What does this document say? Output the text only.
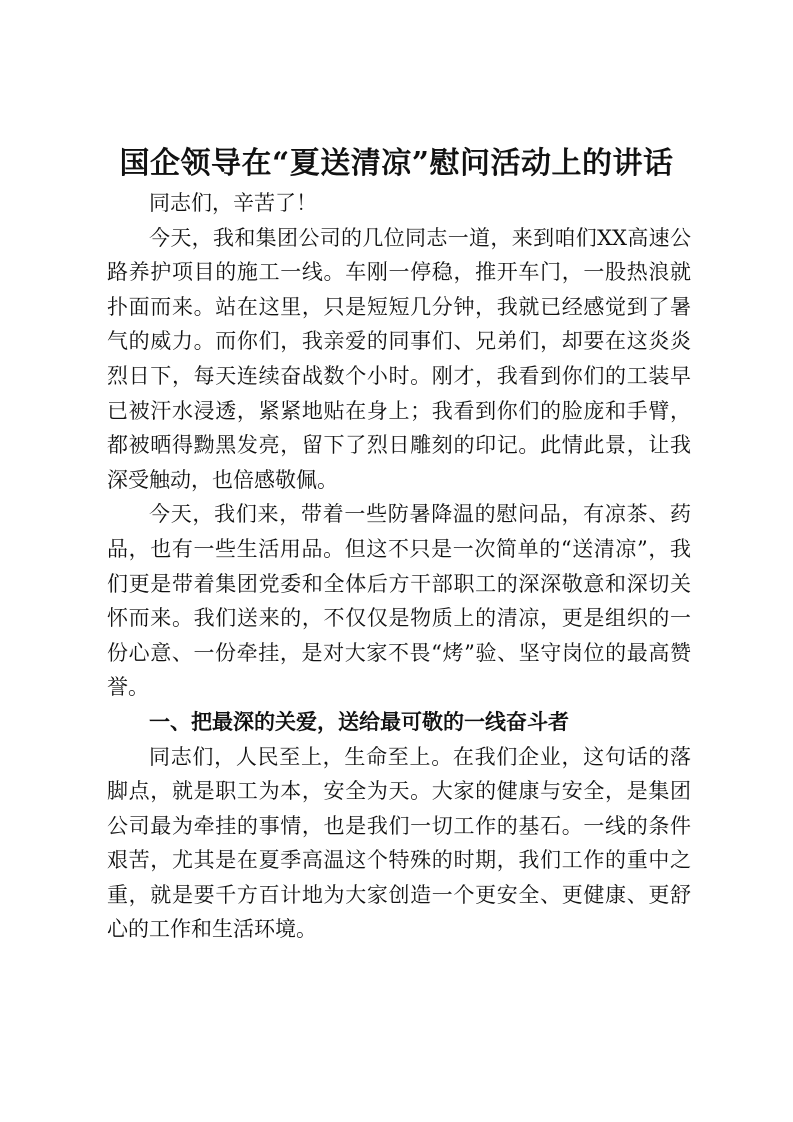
国企领导在“夏送清凉”慰问活动上的讲话

同志们，辛苦了！

今天，我和集团公司的几位同志一道，来到咱们XX高速公路养护项目的施工一线。车刚一停稳，推开车门，一股热浪就扑面而来。站在这里，只是短短几分钟，我就已经感觉到了暑气的威力。而你们，我亲爱的同事们、兄弟们，却要在这炎炎烈日下，每天连续奋战数个小时。刚才，我看到你们的工装早已被汗水浸透，紧紧地贴在身上；我看到你们的脸庞和手臂，都被晒得黝黑发亮，留下了烈日雕刻的印记。此情此景，让我深受触动，也倍感敬佩。

今天，我们来，带着一些防暑降温的慰问品，有凉茶、药品，也有一些生活用品。但这不只是一次简单的“送清凉”，我们更是带着集团党委和全体后方干部职工的深深敬意和深切关怀而来。我们送来的，不仅仅是物质上的清凉，更是组织的一份心意、一份牵挂，是对大家不畏“烤”验、坚守岗位的最高赞誉。

一、把最深的关爱，送给最可敬的一线奋斗者

同志们，人民至上，生命至上。在我们企业，这句话的落脚点，就是职工为本，安全为天。大家的健康与安全，是集团公司最为牵挂的事情，也是我们一切工作的基石。一线的条件艰苦，尤其是在夏季高温这个特殊的时期，我们工作的重中之重，就是要千方百计地为大家创造一个更安全、更健康、更舒心的工作和生活环境。
